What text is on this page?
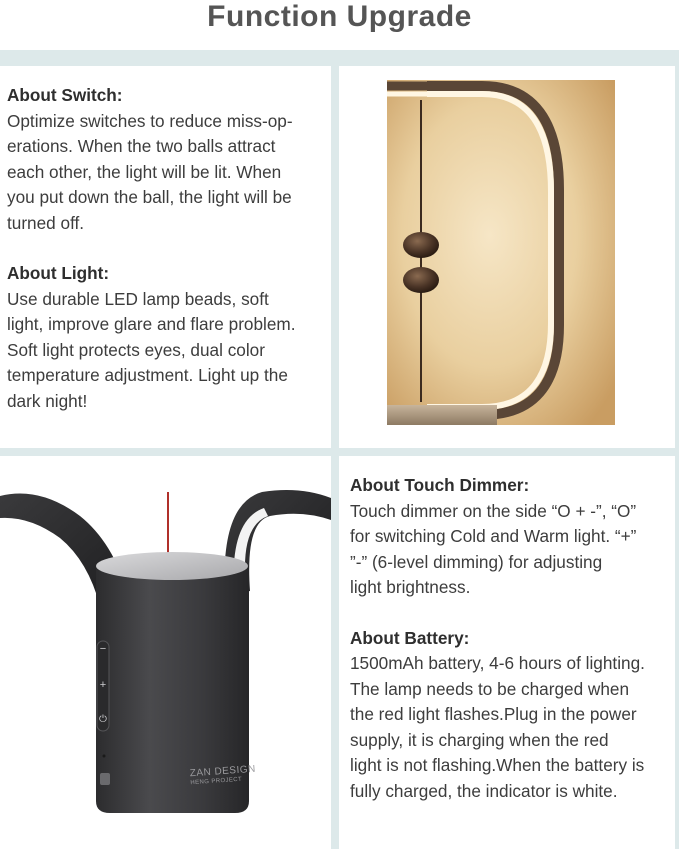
Function Upgrade
About Switch:
Optimize switches to reduce miss-op-
erations. When the two balls attract
each other, the light will be lit. When
you put down the ball, the light will be
turned off.
About Light:
Use durable LED lamp beads, soft
light, improve glare and flare problem.
Soft light protects eyes, dual color
temperature adjustment. Light up the
dark night!
−
+
⏻
ZAN DESIGN
HENG PROJECT
About Touch Dimmer:
Touch dimmer on the side “O + -”, “O”
for switching Cold and Warm light. “+”
”-” (6-level dimming) for adjusting
light brightness.
About Battery:
1500mAh battery, 4-6 hours of lighting.
The lamp needs to be charged when
the red light flashes.Plug in the power
supply, it is charging when the red
light is not flashing.When the battery is
fully charged, the indicator is white.
